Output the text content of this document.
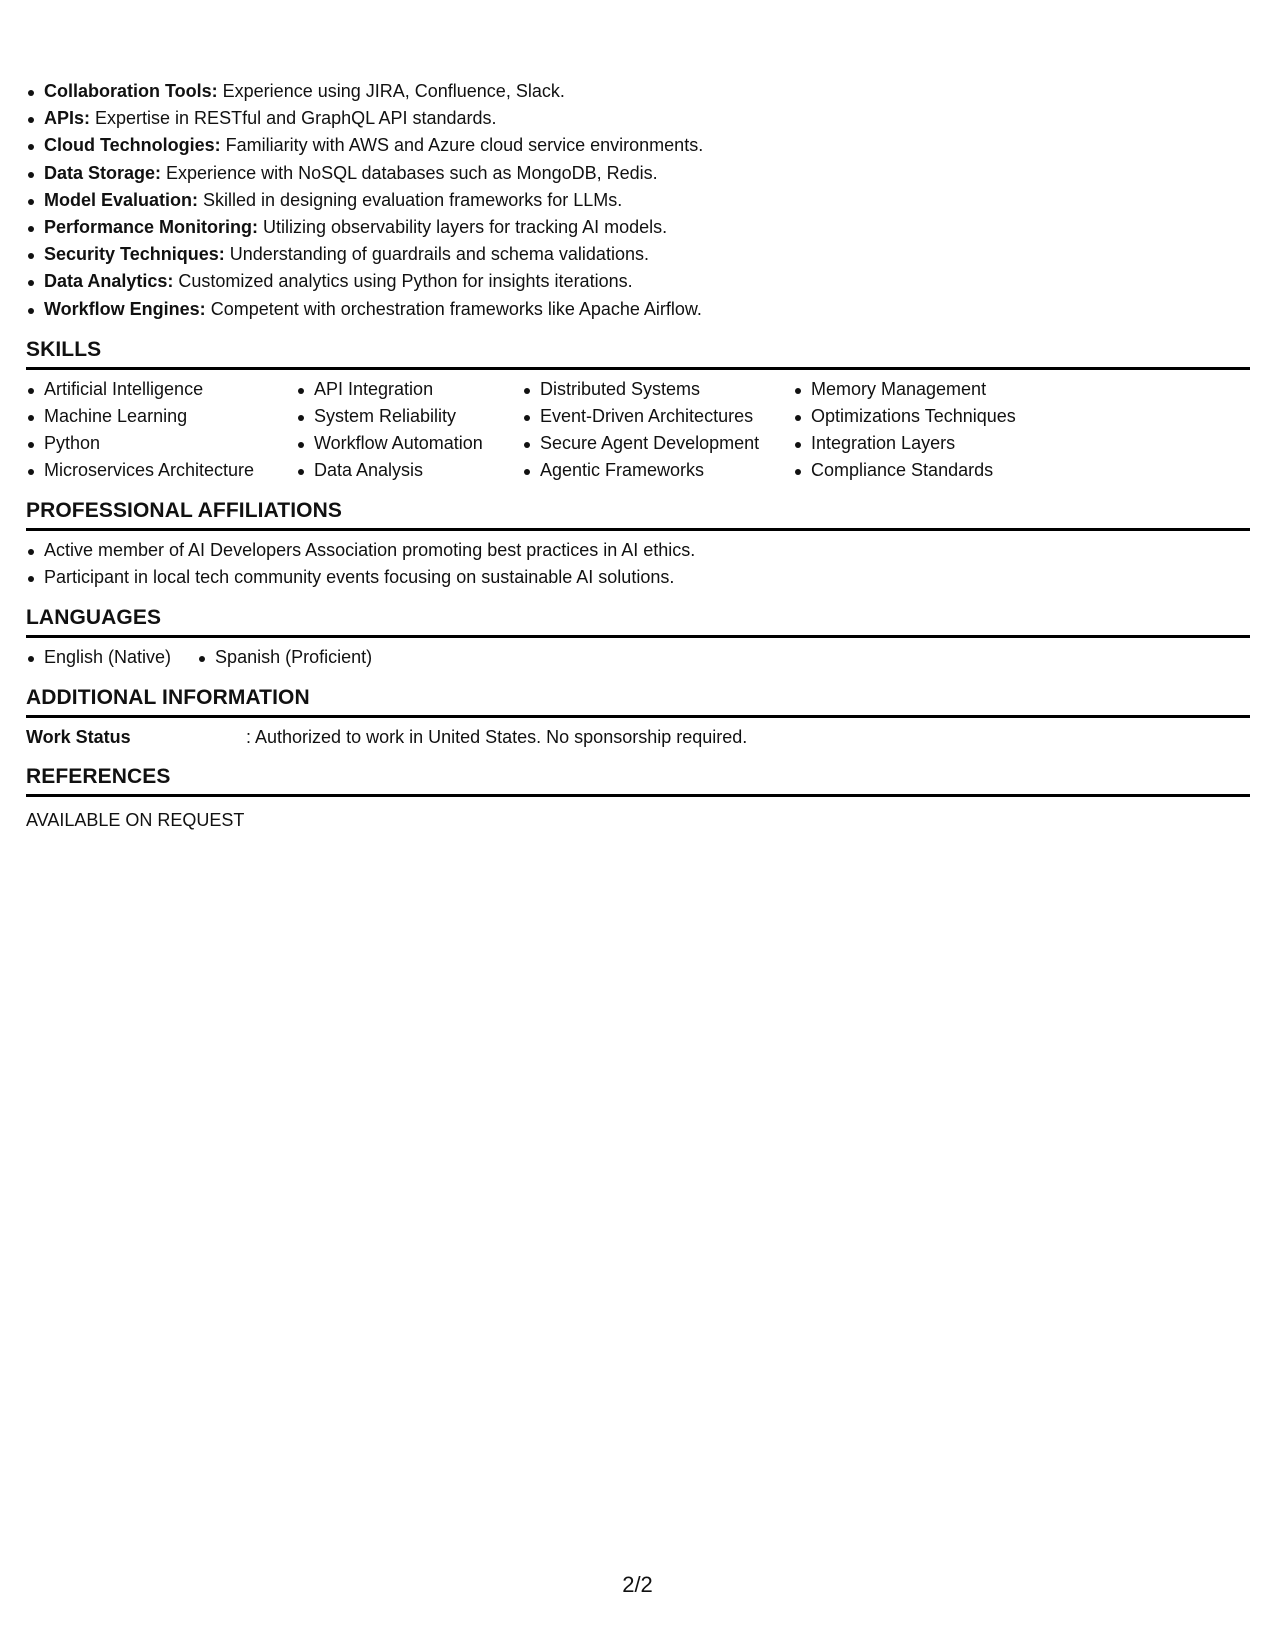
Collaboration Tools: Experience using JIRA, Confluence, Slack.
APIs: Expertise in RESTful and GraphQL API standards.
Cloud Technologies: Familiarity with AWS and Azure cloud service environments.
Data Storage: Experience with NoSQL databases such as MongoDB, Redis.
Model Evaluation: Skilled in designing evaluation frameworks for LLMs.
Performance Monitoring: Utilizing observability layers for tracking AI models.
Security Techniques: Understanding of guardrails and schema validations.
Data Analytics: Customized analytics using Python for insights iterations.
Workflow Engines: Competent with orchestration frameworks like Apache Airflow.
SKILLS
Artificial Intelligence
Machine Learning
Python
Microservices Architecture
API Integration
System Reliability
Workflow Automation
Data Analysis
Distributed Systems
Event-Driven Architectures
Secure Agent Development
Agentic Frameworks
Memory Management
Optimizations Techniques
Integration Layers
Compliance Standards
PROFESSIONAL AFFILIATIONS
Active member of AI Developers Association promoting best practices in AI ethics.
Participant in local tech community events focusing on sustainable AI solutions.
LANGUAGES
English (Native)	Spanish (Proficient)
ADDITIONAL INFORMATION
Work Status	: Authorized to work in United States. No sponsorship required.
REFERENCES
AVAILABLE ON REQUEST
2/2
